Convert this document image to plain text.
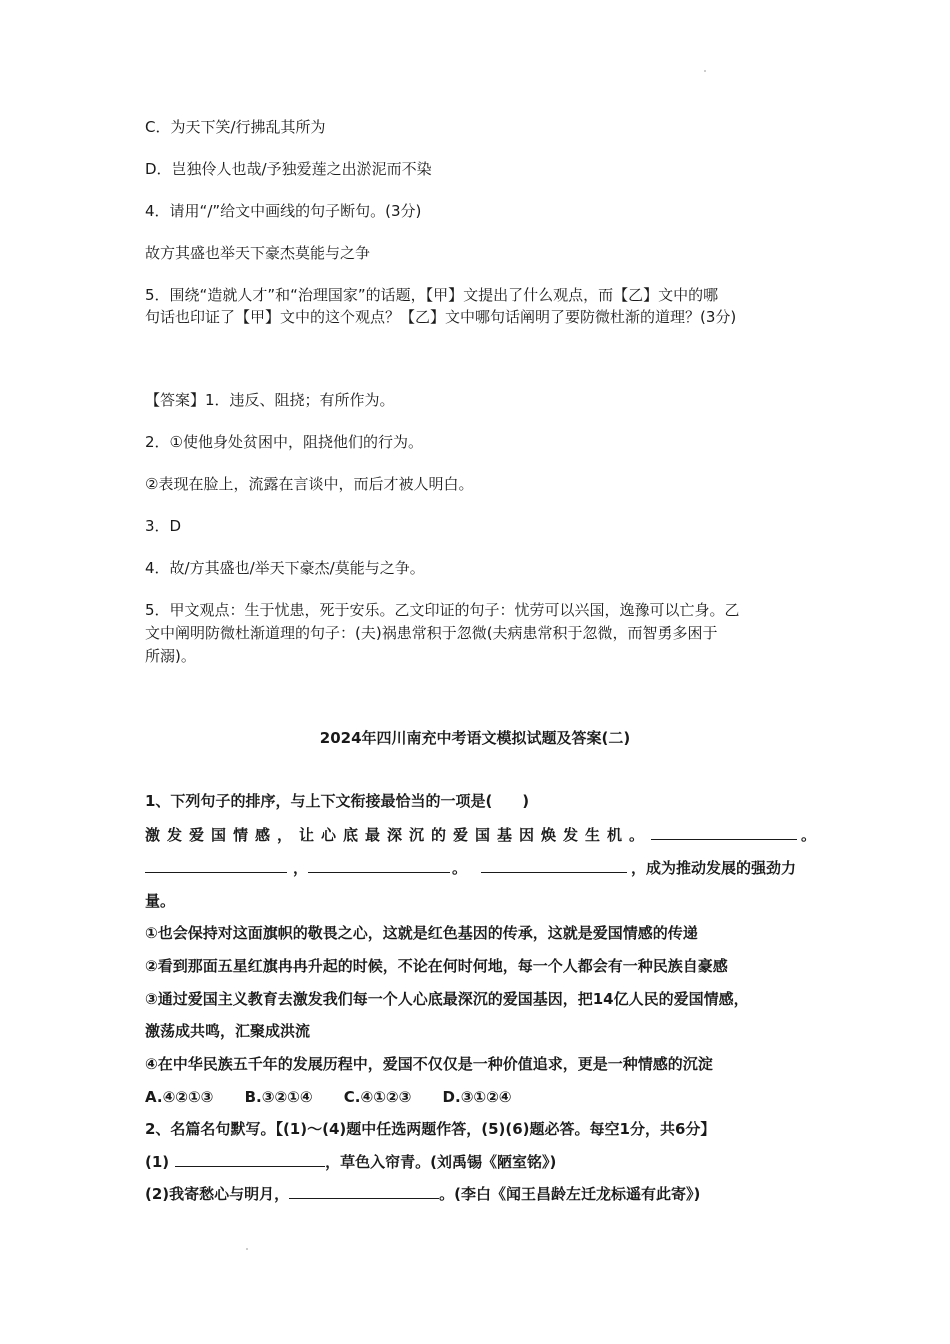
C．为天下笑/行拂乱其所为
D．岂独伶人也哉/予独爱莲之出淤泥而不染
4．请用“/”给文中画线的句子断句。(3分)
故方其盛也举天下豪杰莫能与之争
5．围绕“造就人才”和“治理国家”的话题，【甲】文提出了什么观点，而【乙】文中的哪
句话也印证了【甲】文中的这个观点？【乙】文中哪句话阐明了要防微杜渐的道理？(3分)
【答案】1．违反、阻挠；有所作为。
2．①使他身处贫困中，阻挠他们的行为。
②表现在脸上，流露在言谈中，而后才被人明白。
3．D
4．故/方其盛也/举天下豪杰/莫能与之争。
5．甲文观点：生于忧患，死于安乐。乙文印证的句子：忧劳可以兴国，逸豫可以亡身。乙
文中阐明防微杜渐道理的句子：(夫)祸患常积于忽微(夫病患常积于忽微，而智勇多困于
所溺)。
2024年四川南充中考语文模拟试题及答案(二)
1、下列句子的排序，与上下文衔接最恰当的一项是(　　)
激发爱国情感，让心底最深沉的爱国基因焕发生机。	。
，	。	，成为推动发展的强劲力
量。
①也会保持对这面旗帜的敬畏之心，这就是红色基因的传承，这就是爱国情感的传递
②看到那面五星红旗冉冉升起的时候，不论在何时何地，每一个人都会有一种民族自豪感
③通过爱国主义教育去激发我们每一个人心底最深沉的爱国基因，把14亿人民的爱国情感，
激荡成共鸣，汇聚成洪流
④在中华民族五千年的发展历程中，爱国不仅仅是一种价值追求，更是一种情感的沉淀
A.④②①③ B.③②①④ C.④①②③ D.③①②④
2、名篇名句默写。【(1)～(4)题中任选两题作答，(5)(6)题必答。每空1分，共6分】
(1)	，草色入帘青。(刘禹锡《陋室铭》)
(2)我寄愁心与明月，	。(李白《闻王昌龄左迁龙标遥有此寄》)
